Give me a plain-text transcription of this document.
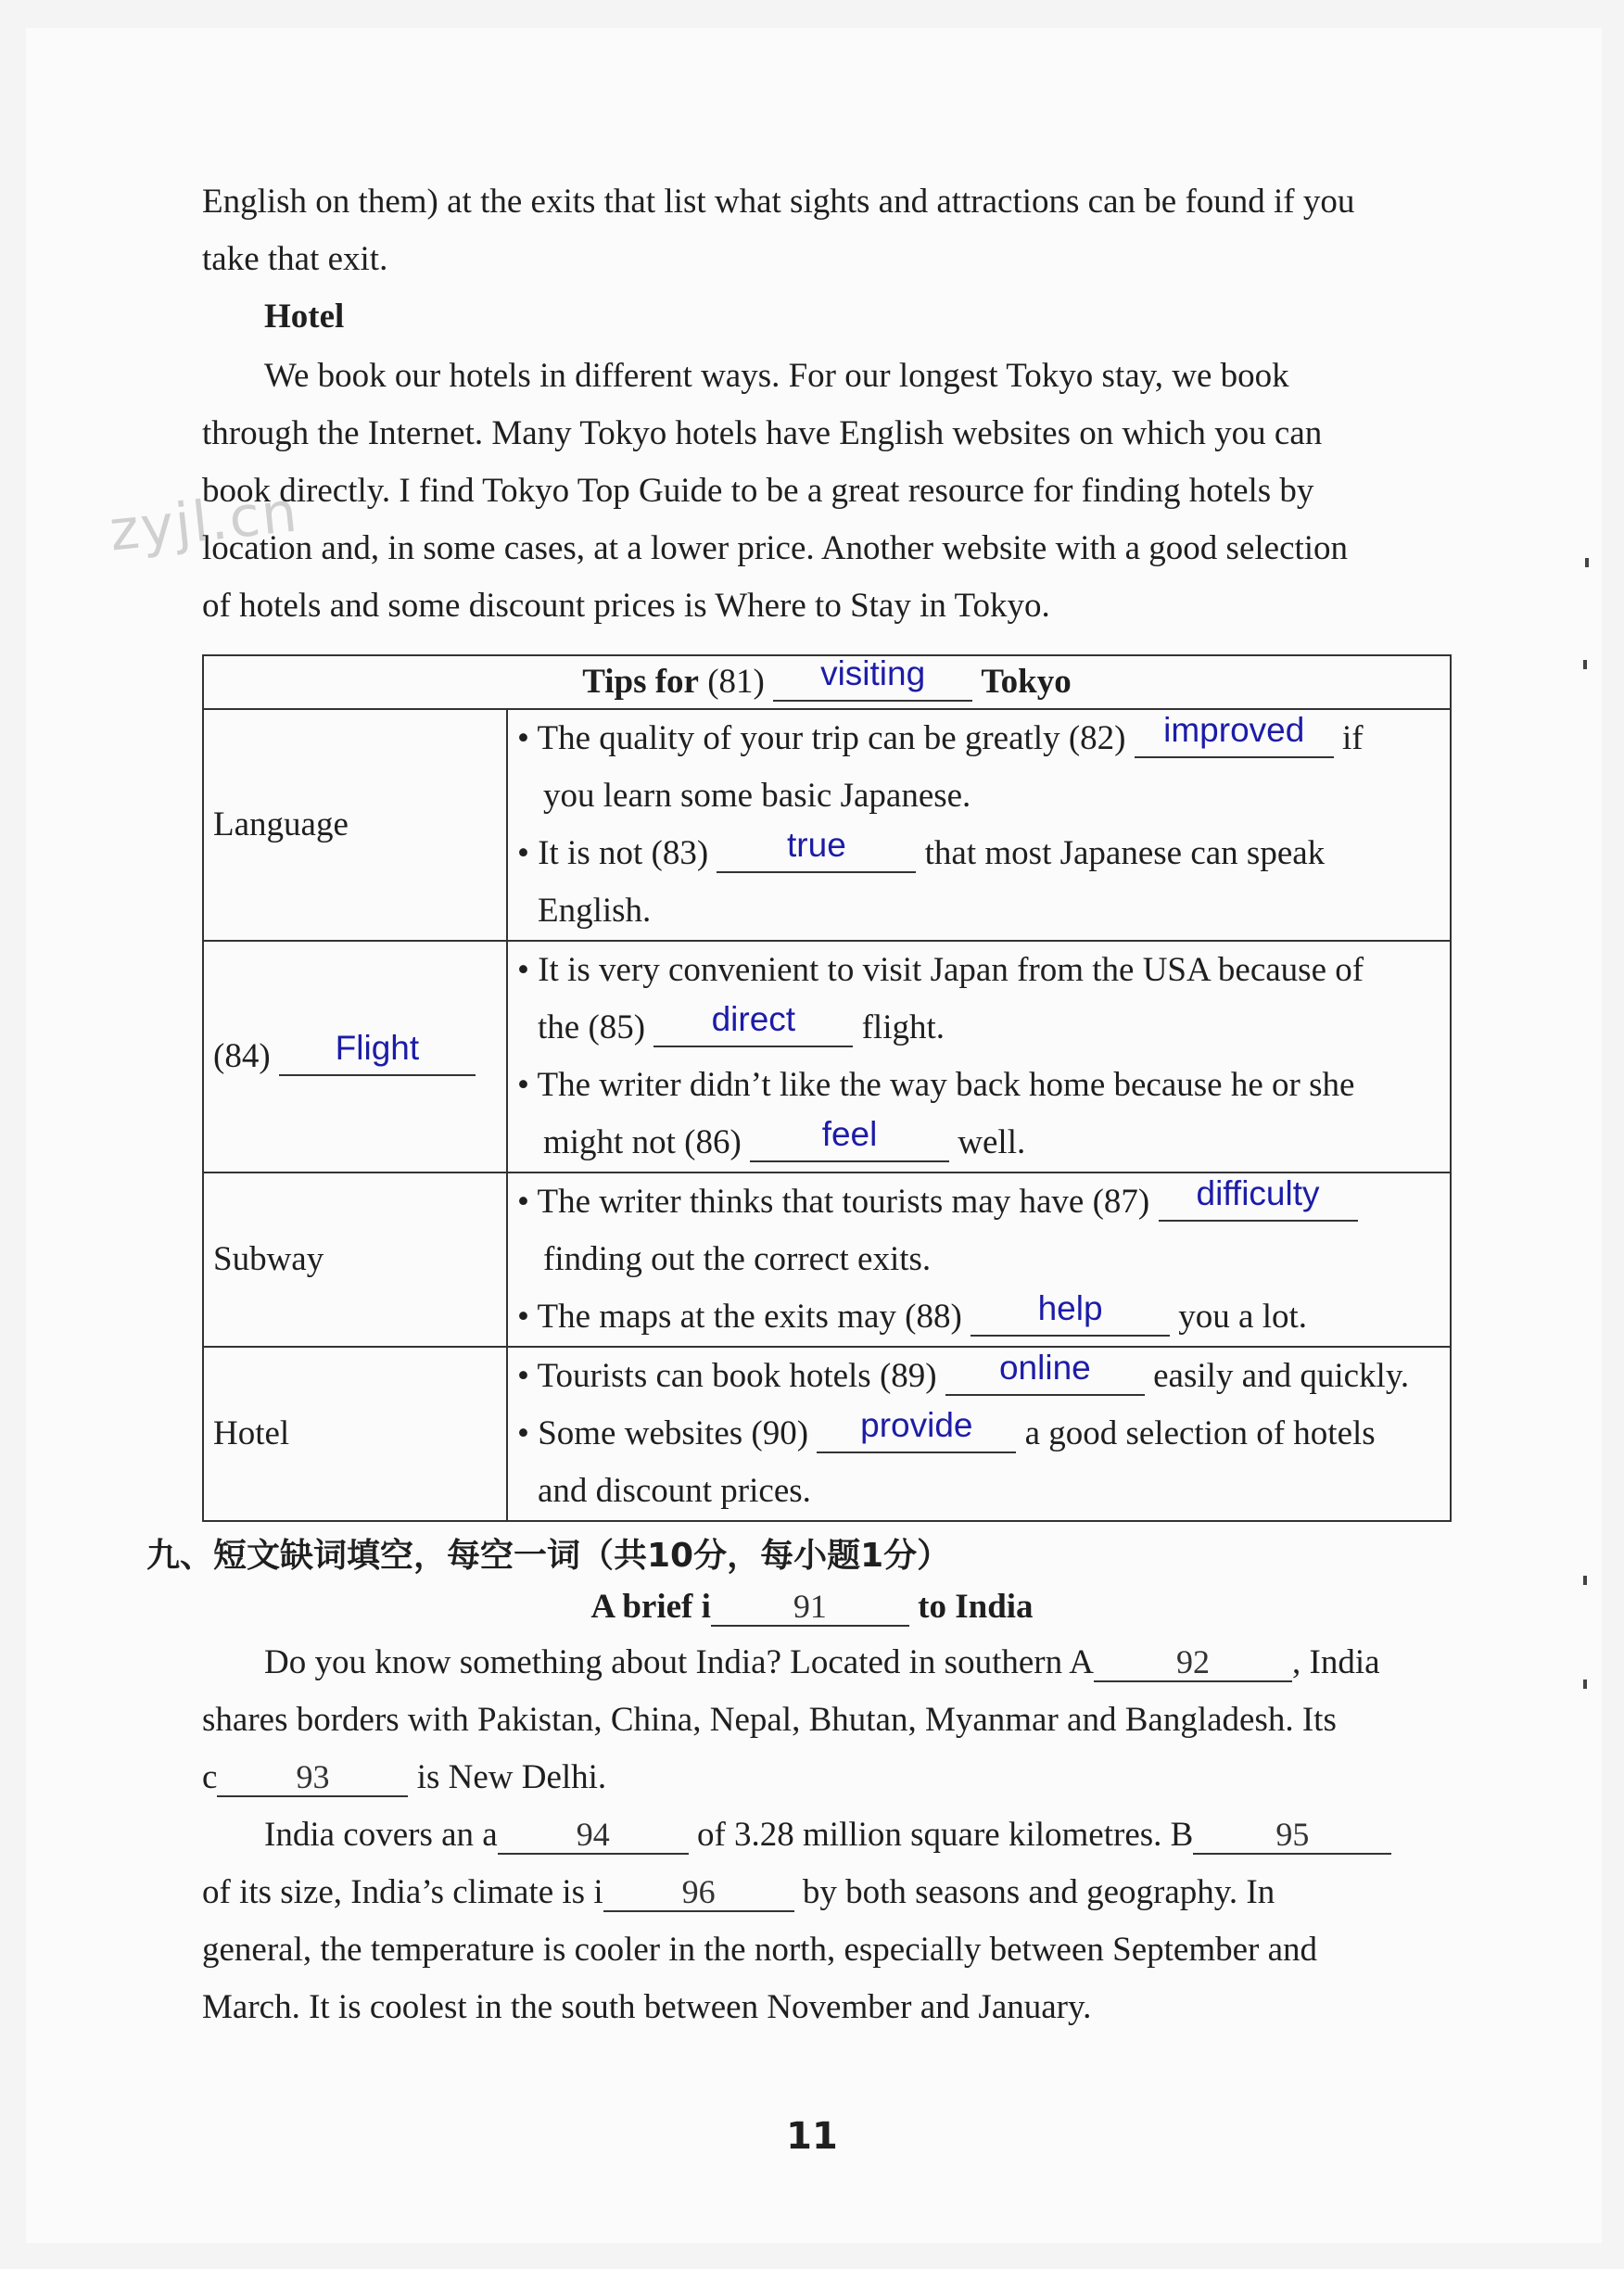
zyjl.cn
English on them) at the exits that list what sights and attractions can be found if you
take that exit.
Hotel
We book our hotels in different ways. For our longest Tokyo stay, we book
through the Internet. Many Tokyo hotels have English websites on which you can
book directly. I find Tokyo Top Guide to be a great resource for finding hotels by
location and, in some cases, at a lower price. Another website with a good selection
of hotels and some discount prices is Where to Stay in Tokyo.
Tips for (81) visiting Tokyo	
Language	• The quality of your trip can be greatly (82) improved if
you learn some basic Japanese.
• It is not (83) true that most Japanese can speak
English.

(84) Flight	• It is very convenient to visit Japan from the USA because of
the (85) direct flight.
• The writer didn’t like the way back home because he or she
might not (86) feel well.

Subway	• The writer thinks that tourists may have (87) difficulty
finding out the correct exits.
• The maps at the exits may (88) help you a lot.

Hotel	• Tourists can book hotels (89) online easily and quickly.
• Some websites (90) provide a good selection of hotels
and discount prices.
九、短文缺词填空，每空一词（共10分，每小题1分）
A brief i 91	to India
Do you know something about India? Located in southern A 92 , India
shares borders with Pakistan, China, Nepal, Bhutan, Myanmar and Bangladesh. Its
c 93	is New Delhi.
India covers an a 94	of 3.28 million square kilometres. B 95
of its size, India’s climate is i 96	by both seasons and geography. In
general, the temperature is cooler in the north, especially between September and
March. It is coolest in the south between November and January.
11
